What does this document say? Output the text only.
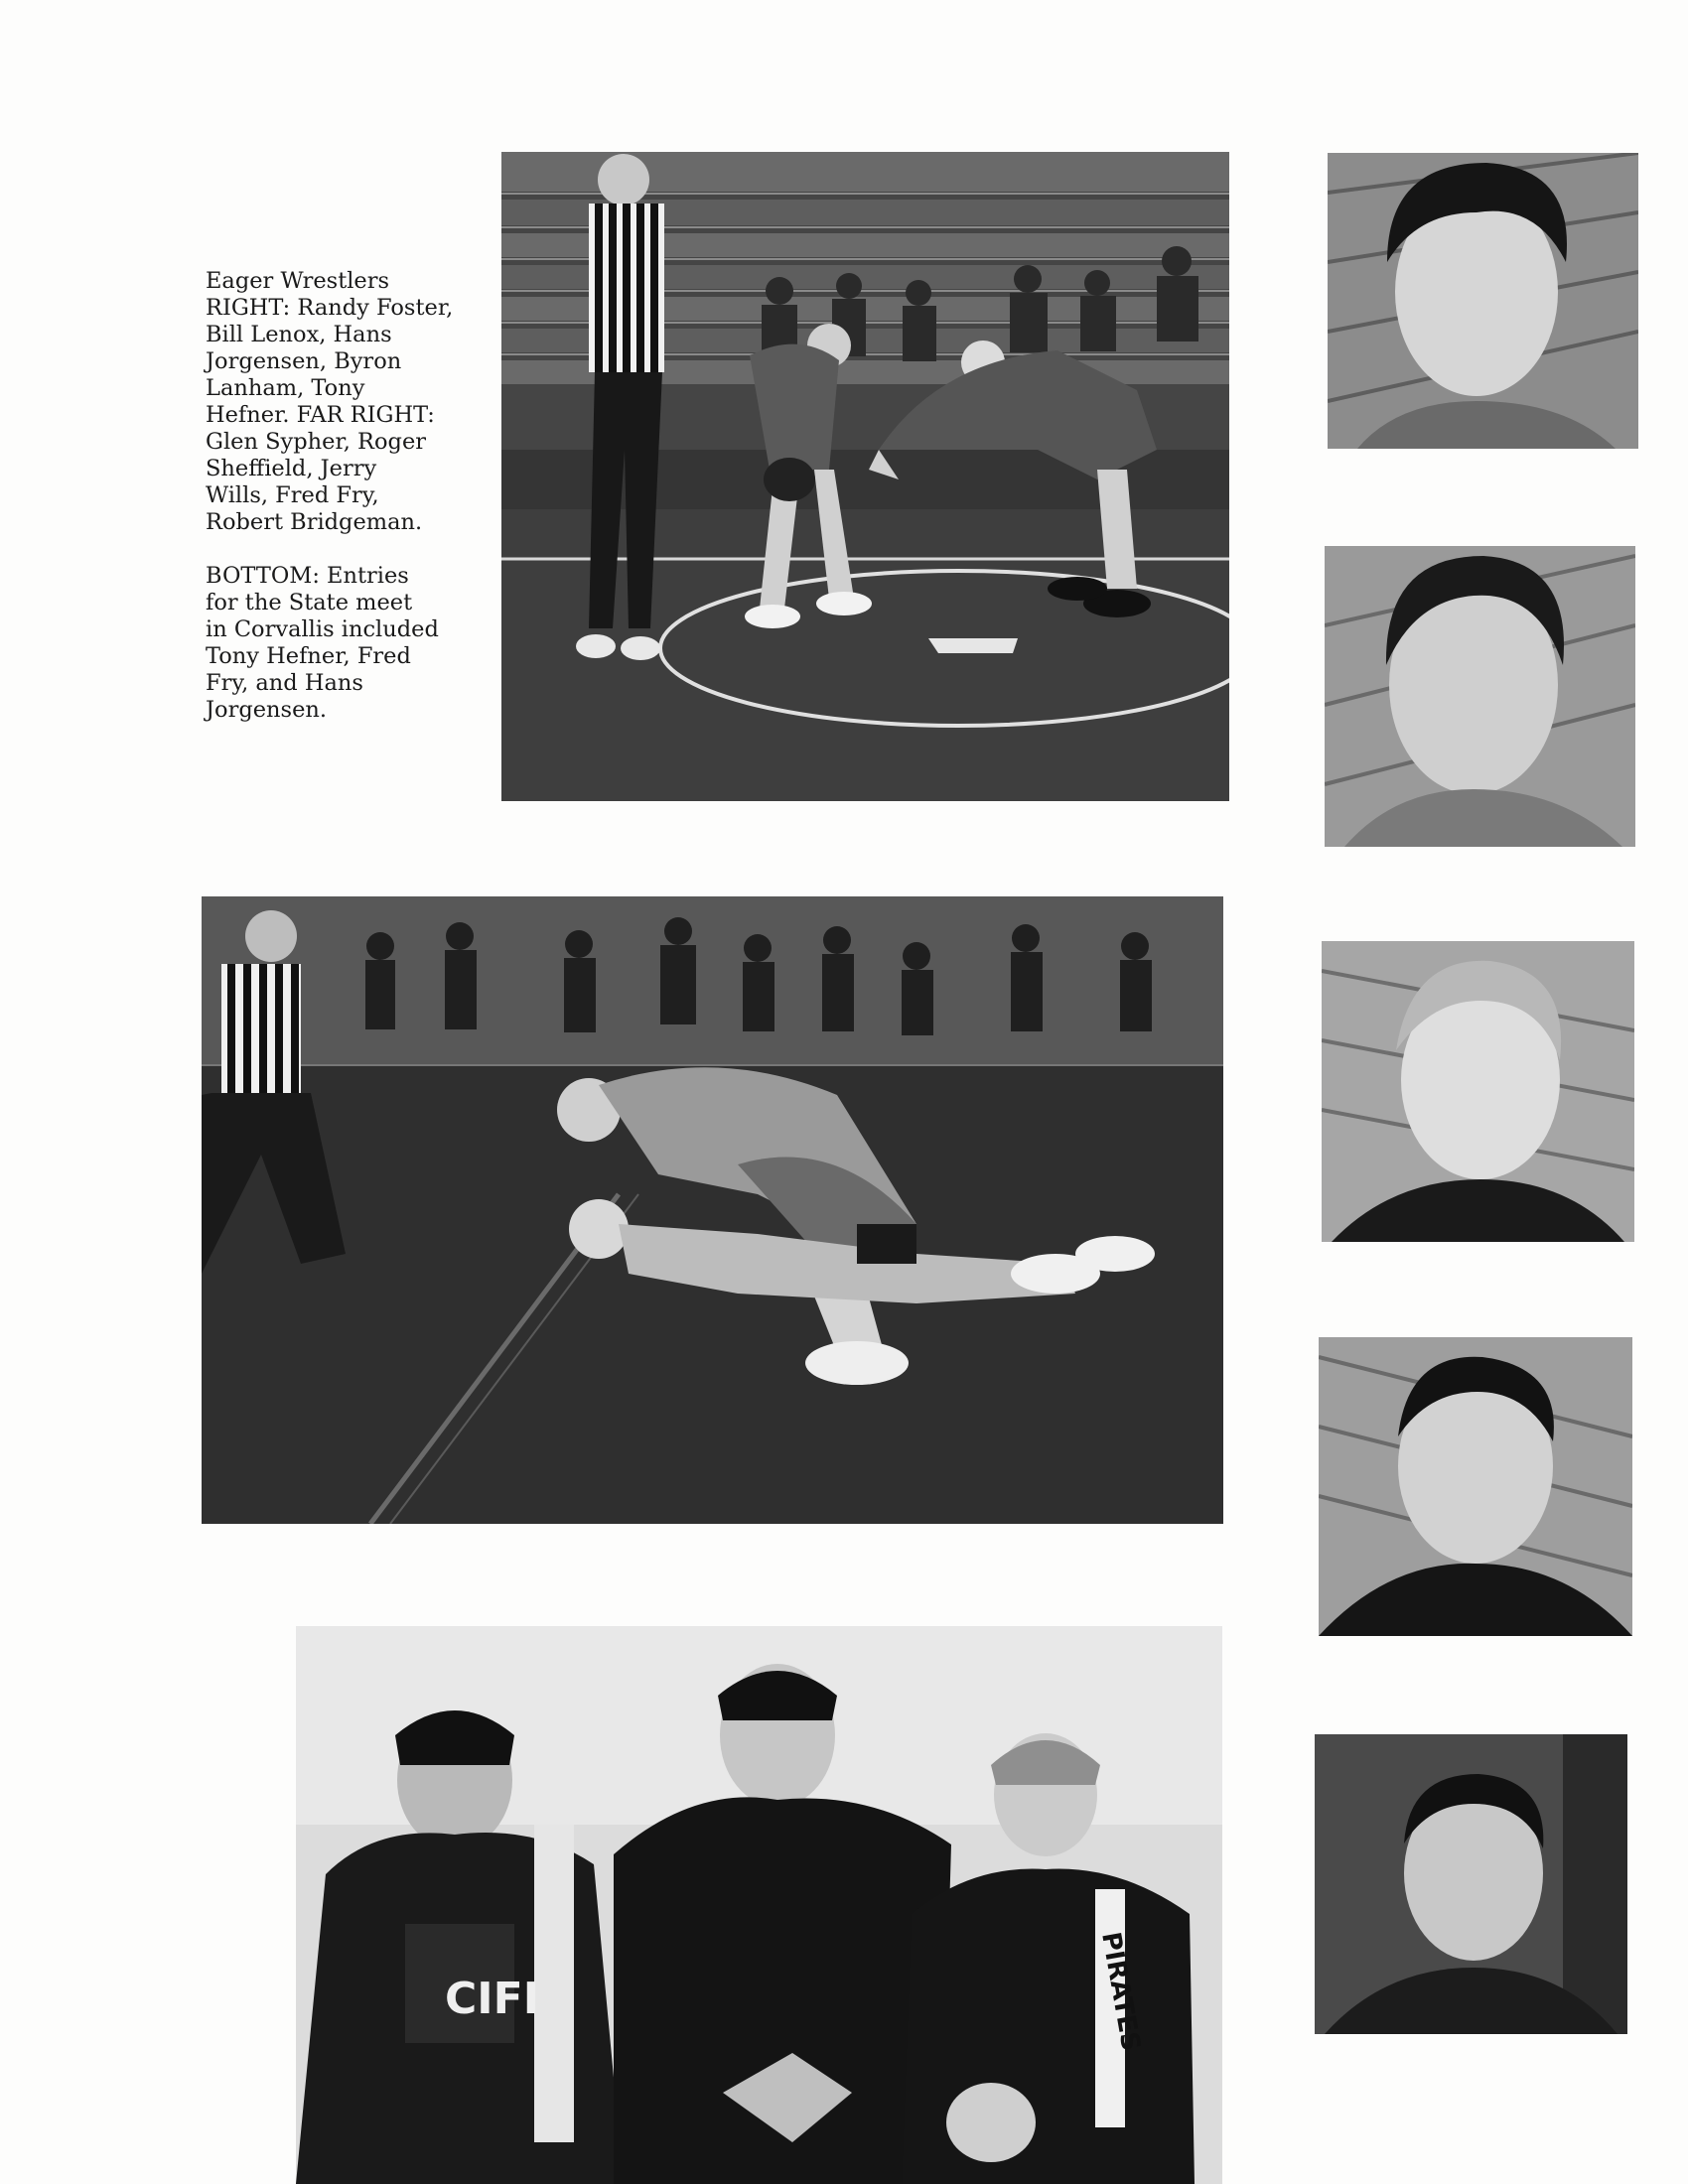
Eager Wrestlers
RIGHT: Randy Foster,
Bill Lenox, Hans
Jorgensen, Byron
Lanham, Tony
Hefner. FAR RIGHT:
Glen Sypher, Roger
Sheffield, Jerry
Wills, Fred Fry,
Robert Bridgeman.

BOTTOM: Entries
for the State meet
in Corvallis included
Tony Hefner, Fred
Fry, and Hans
Jorgensen.

CIFI	PIRATES
